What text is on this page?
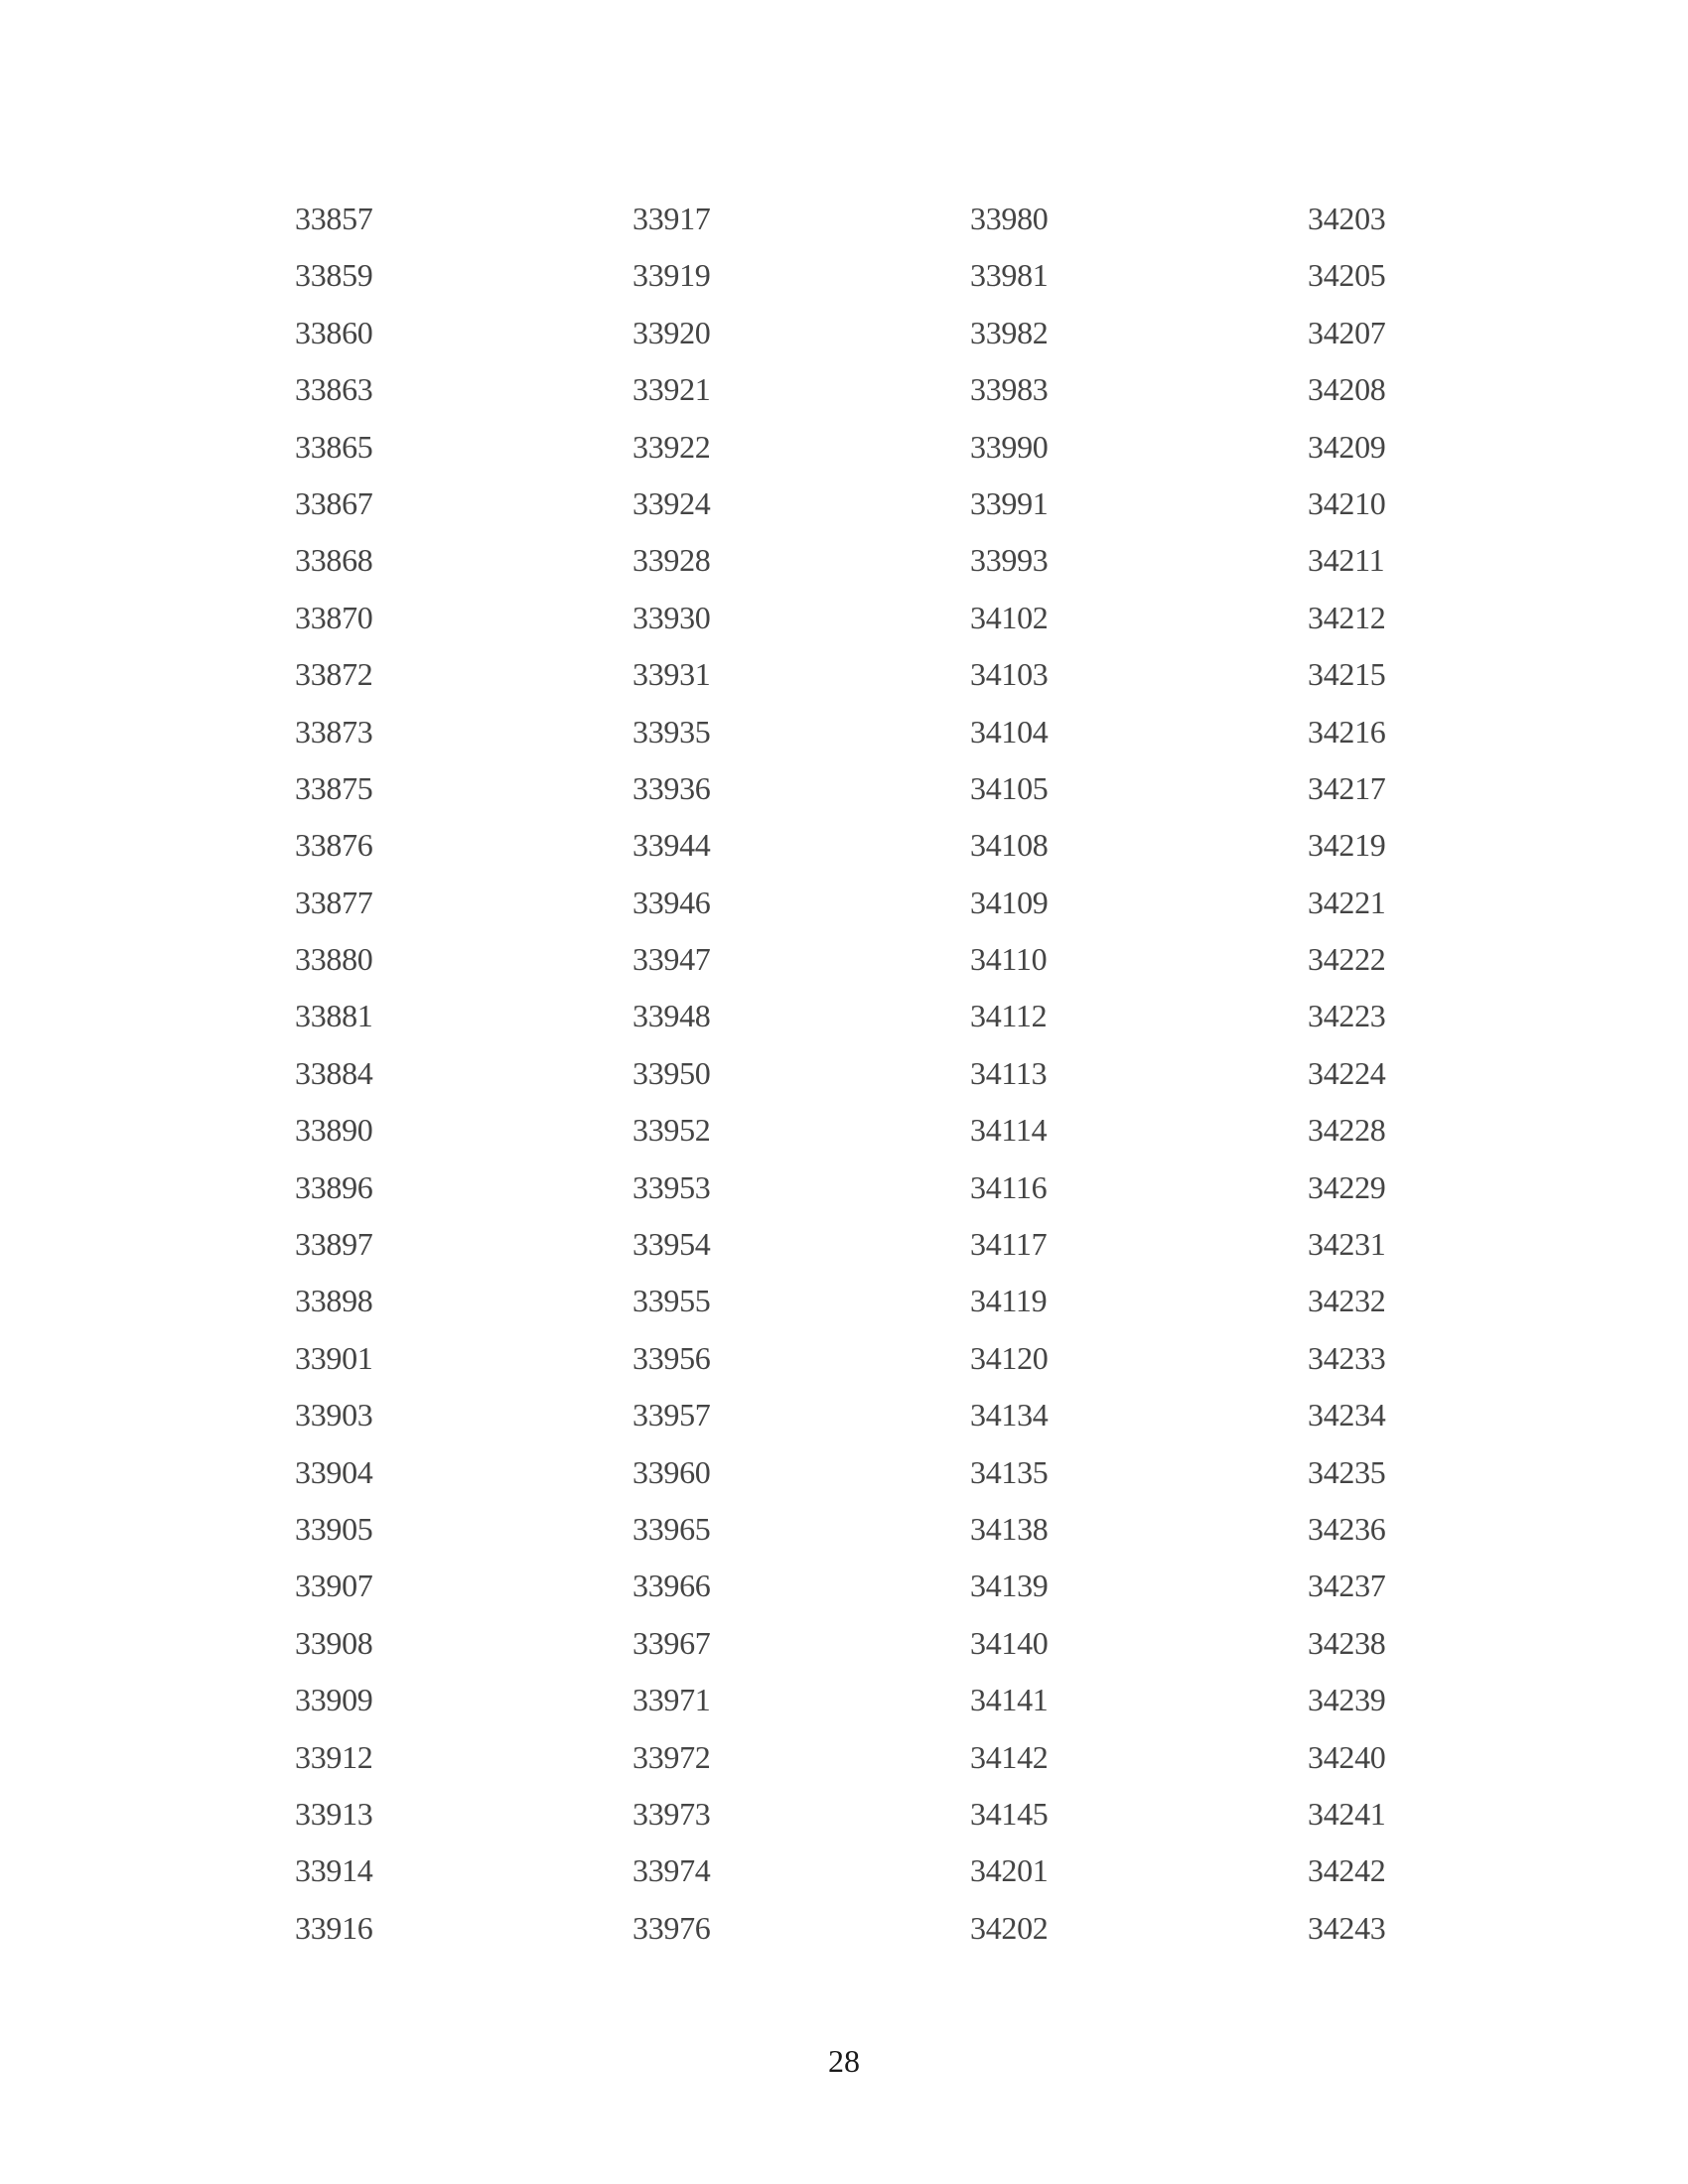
33857
33859
33860
33863
33865
33867
33868
33870
33872
33873
33875
33876
33877
33880
33881
33884
33890
33896
33897
33898
33901
33903
33904
33905
33907
33908
33909
33912
33913
33914
33916
33917
33919
33920
33921
33922
33924
33928
33930
33931
33935
33936
33944
33946
33947
33948
33950
33952
33953
33954
33955
33956
33957
33960
33965
33966
33967
33971
33972
33973
33974
33976
33980
33981
33982
33983
33990
33991
33993
34102
34103
34104
34105
34108
34109
34110
34112
34113
34114
34116
34117
34119
34120
34134
34135
34138
34139
34140
34141
34142
34145
34201
34202
34203
34205
34207
34208
34209
34210
34211
34212
34215
34216
34217
34219
34221
34222
34223
34224
34228
34229
34231
34232
34233
34234
34235
34236
34237
34238
34239
34240
34241
34242
34243
28
